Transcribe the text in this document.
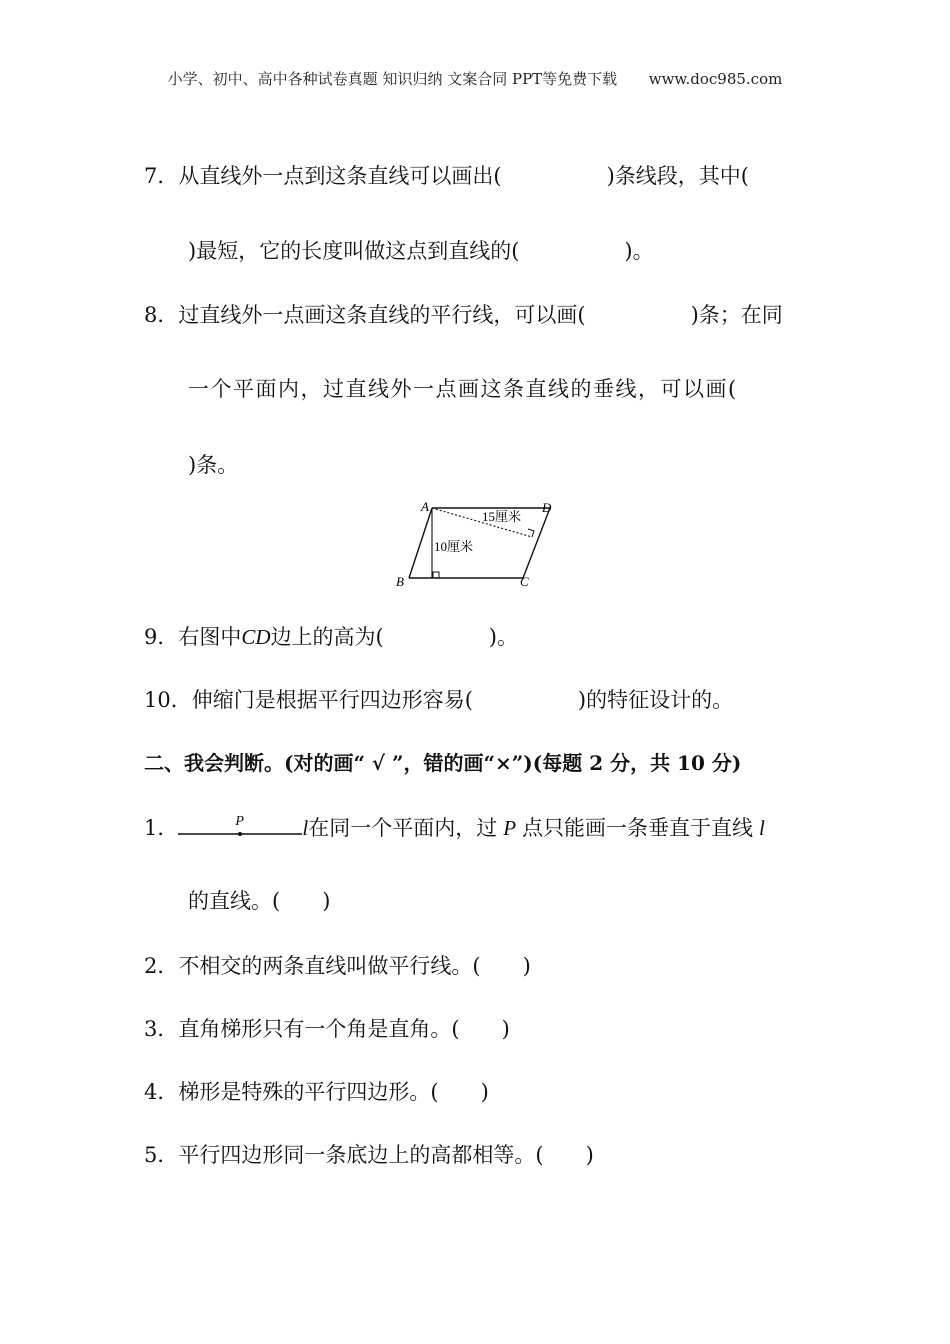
小学、初中、高中各种试卷真题 知识归纳 文案合同 PPT等免费下载 www.doc985.com
7．从直线外一点到这条直线可以画出(　　　　　)条线段，其中(
)最短，它的长度叫做这点到直线的(　　　　　)。
8．过直线外一点画这条直线的平行线，可以画(　　　　　)条；在同
一个平面内，过直线外一点画这条直线的垂线，可以画(
)条。
A	D
B	C
15厘米
10厘米
9．右图中CD边上的高为(　　　　　)。
10．伸缩门是根据平行四边形容易(　　　　　)的特征设计的。
二、我会判断。(对的画“ √ ”，错的画“×”)(每题 2 分，共 10 分)
1．	P	l在同一个平面内，过 P 点只能画一条垂直于直线 l
的直线。(　　)
2．不相交的两条直线叫做平行线。(　　)
3．直角梯形只有一个角是直角。(　　)
4．梯形是特殊的平行四边形。(　　)
5．平行四边形同一条底边上的高都相等。(　　)
